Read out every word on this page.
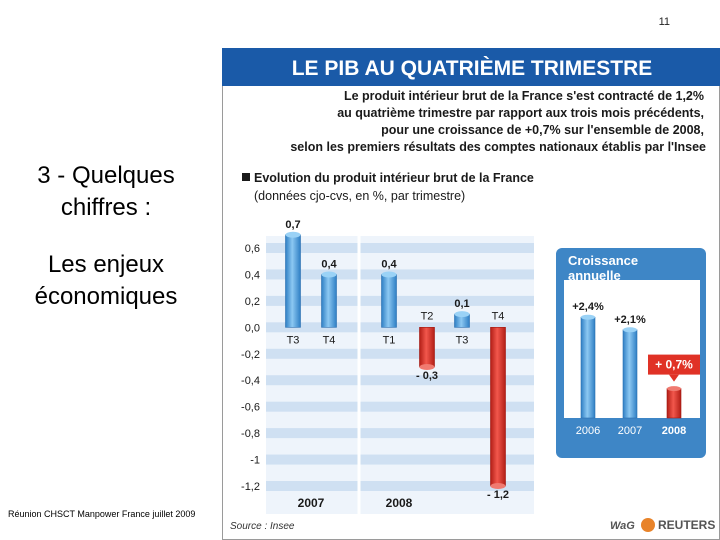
11
3 - Quelques
chiffres :
Les enjeux
économiques
Réunion CHSCT Manpower France juillet 2009
LE PIB AU QUATRIÈME TRIMESTRE
Le produit intérieur brut de la France s'est contracté de 1,2%
au quatrième trimestre par rapport aux trois mois précédents,
pour une croissance de +0,7% sur l'ensemble de 2008,
selon les premiers résultats des comptes nationaux établis par l'Insee
Evolution du produit intérieur brut de la France
(données cjo-cvs, en %, par trimestre)
0,6
0,4
0,2
0,0
-0,2
-0,4
-0,6
-0,8
-1
-1,2
T3 T4	T1
T2
T3
T4
0,7
0,4	0,4
- 0,3
0,1
- 1,2
2007	2008
Croissance
annuelle
2006 2007 2008
+2,4%
+2,1%
+ 0,7%
Source : Insee	WaG REUTERS
